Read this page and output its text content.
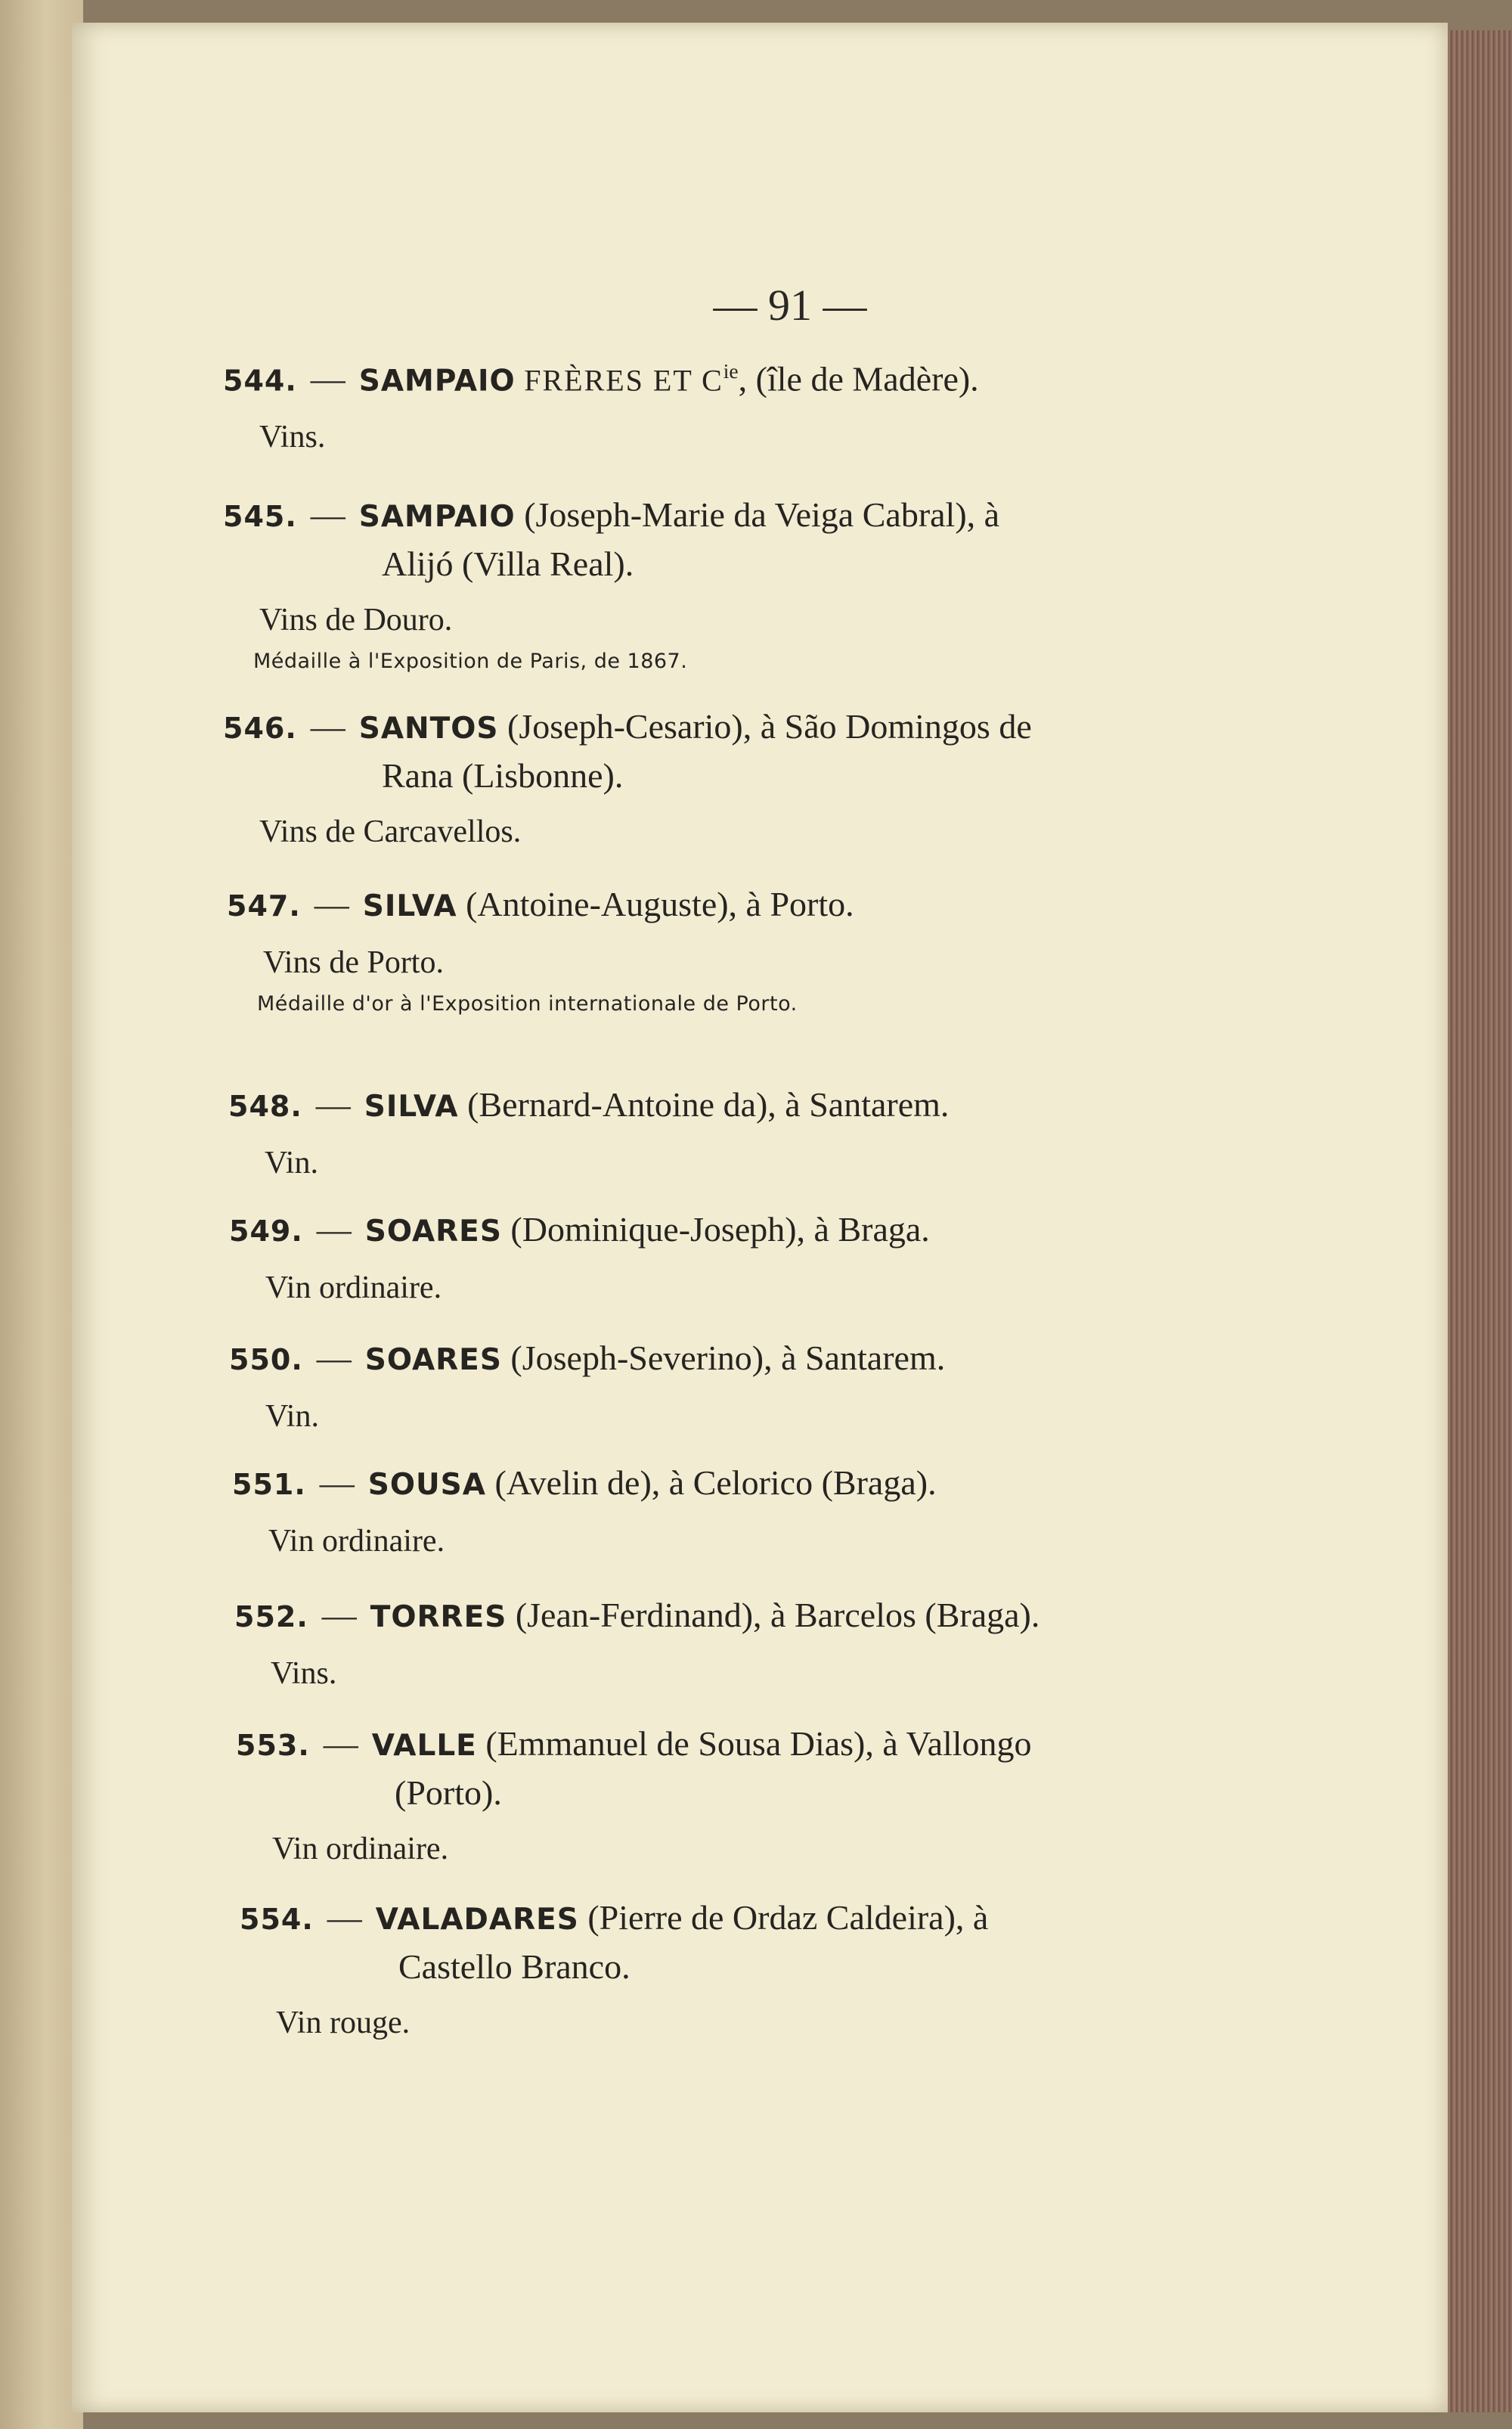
— 91 —
544. — SAMPAIO FRÈRES ET $C^{ie}$, (île de Madère).
Vins.
545. — SAMPAIO (Joseph-Marie da Veiga Cabral), à
Alijó (Villa Real).
Vins de Douro.
Médaille à l'Exposition de Paris, de 1867.
546. — SANTOS (Joseph-Cesario), à São Domingos de
Rana (Lisbonne).
Vins de Carcavellos.
547. — SILVA (Antoine-Auguste), à Porto.
Vins de Porto.
Médaille d'or à l'Exposition internationale de Porto.
548. — SILVA (Bernard-Antoine da), à Santarem.
Vin.
549. — SOARES (Dominique-Joseph), à Braga.
Vin ordinaire.
550. — SOARES (Joseph-Severino), à Santarem.
Vin.
551. — SOUSA (Avelin de), à Celorico (Braga).
Vin ordinaire.
552. — TORRES (Jean-Ferdinand), à Barcelos (Braga).
Vins.
553. — VALLE (Emmanuel de Sousa Dias), à Vallongo
(Porto).
Vin ordinaire.
554. — VALADARES (Pierre de Ordaz Caldeira), à
Castello Branco.
Vin rouge.
